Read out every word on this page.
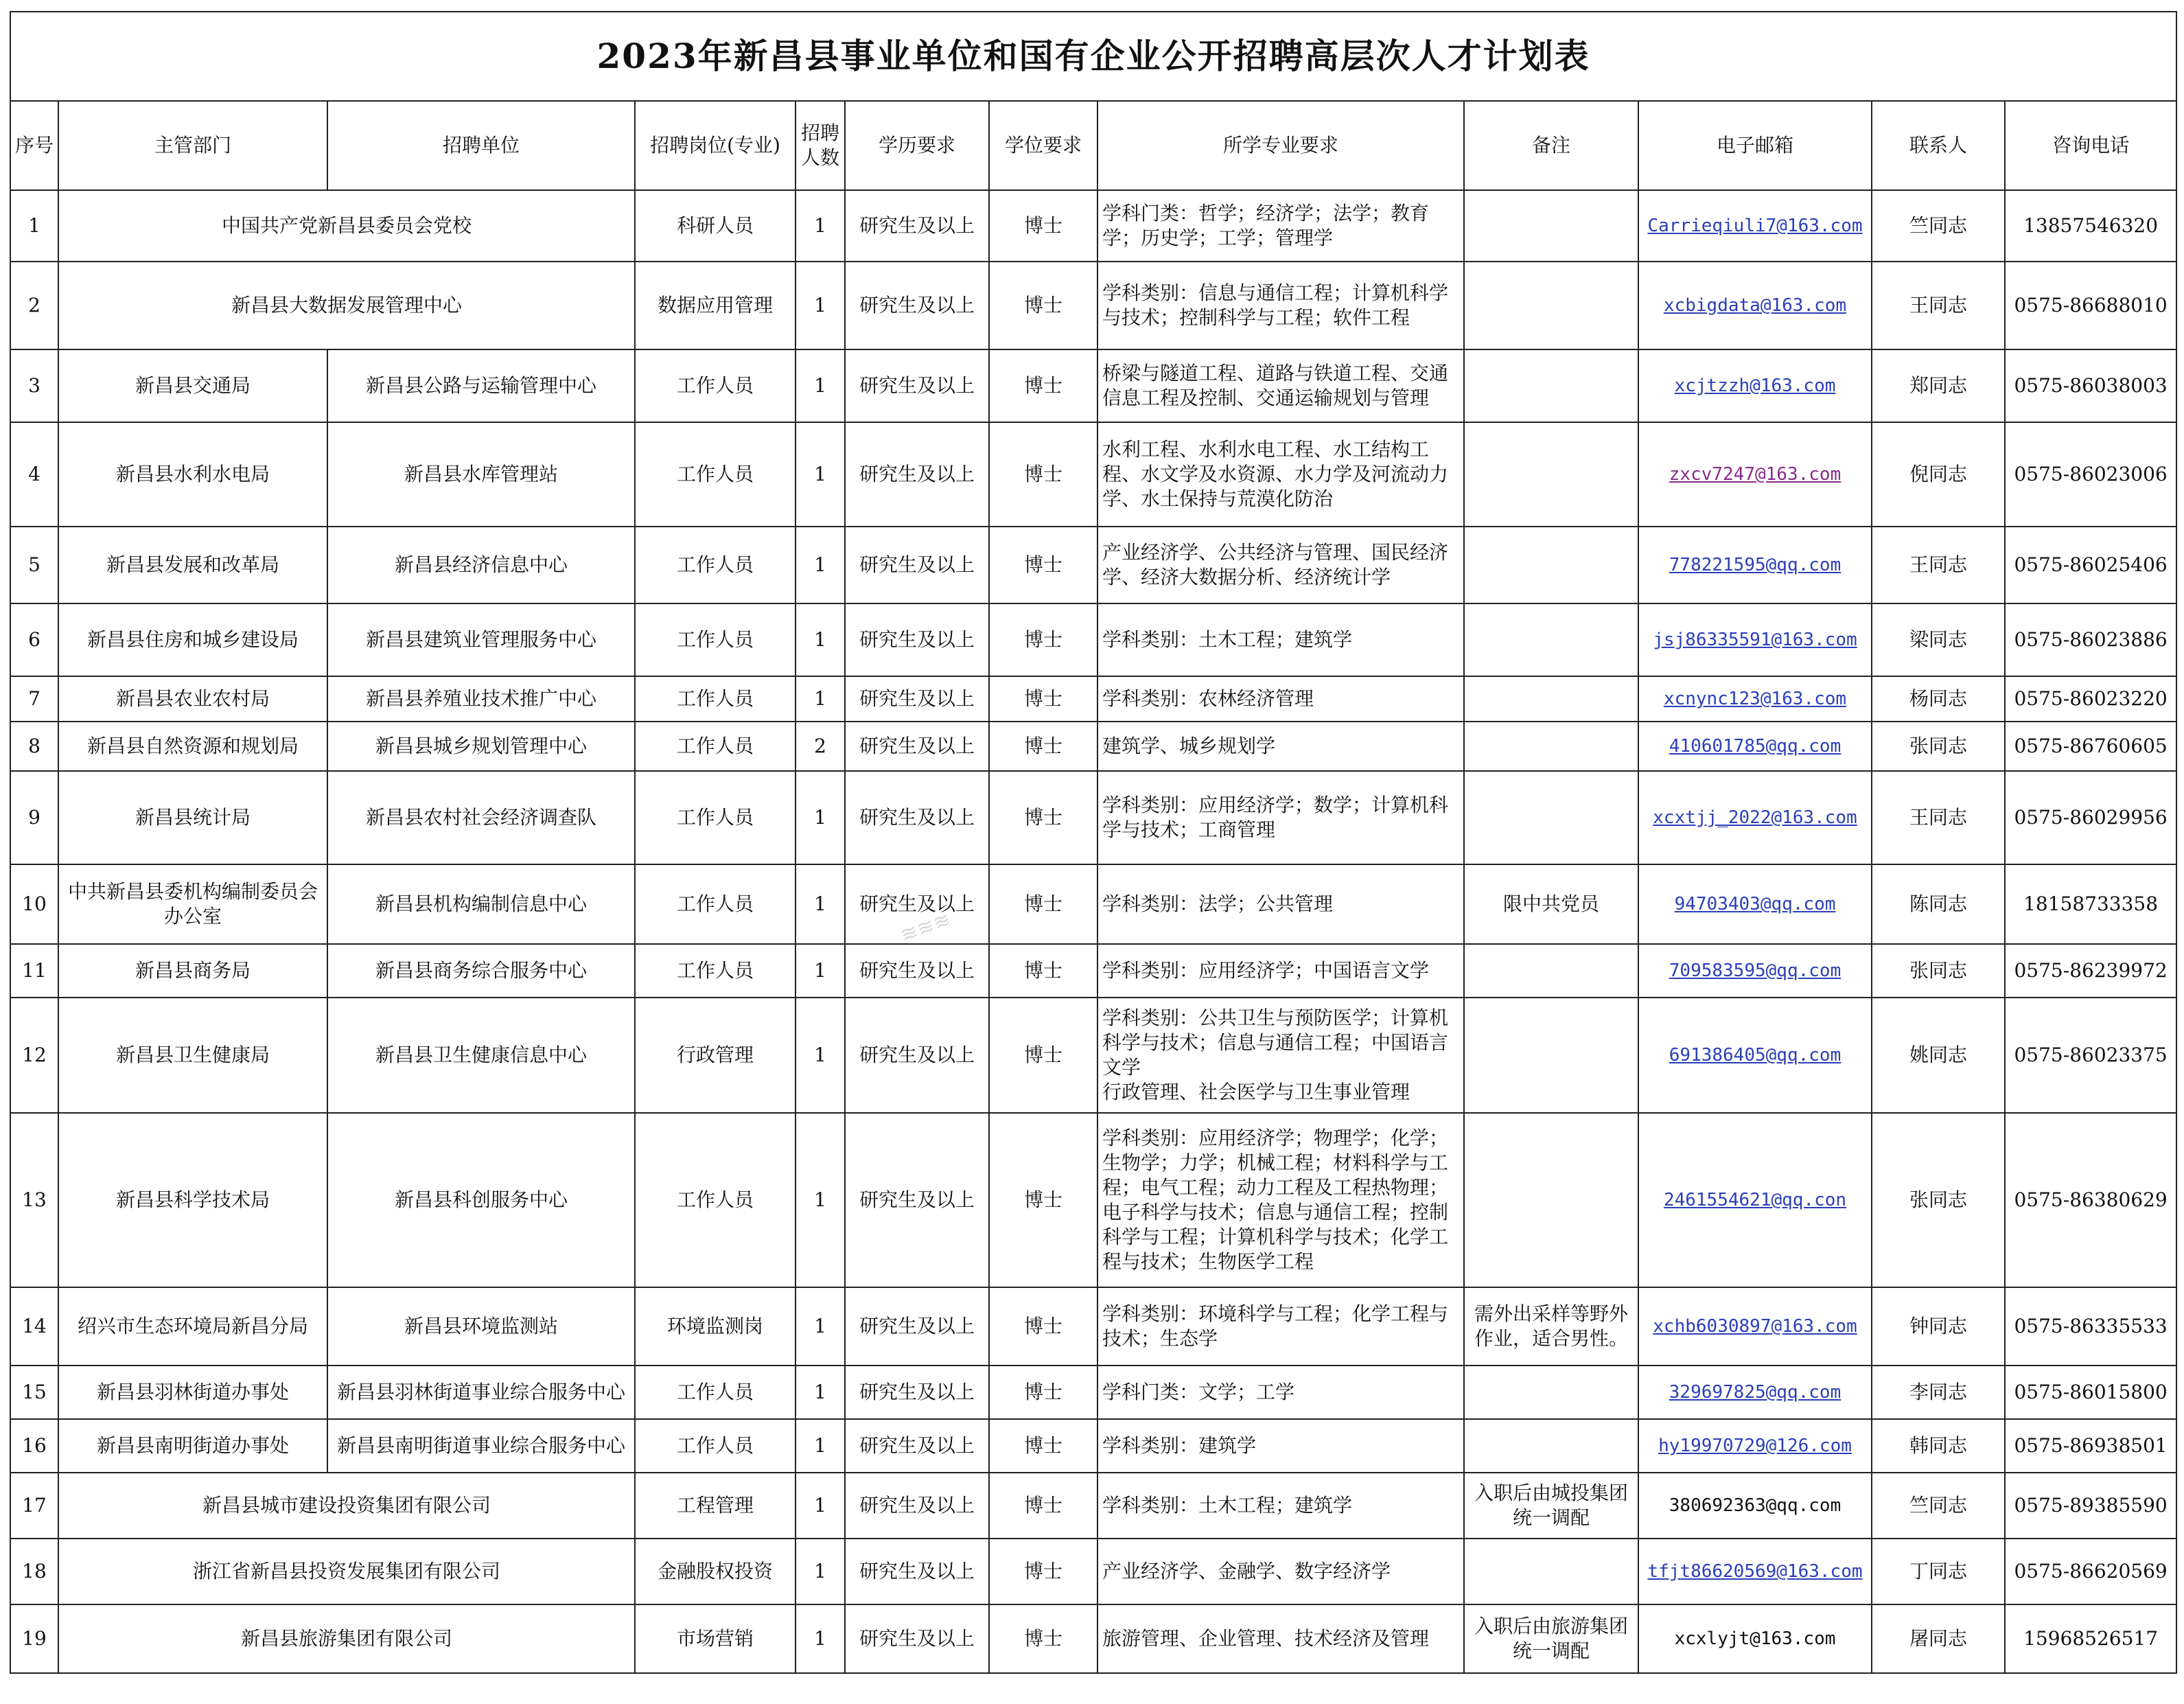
2023年新昌县事业单位和国有企业公开招聘高层次人才计划表											
序号	主管部门	招聘单位	招聘岗位(专业)	招聘人数	学历要求	学位要求	所学专业要求	备注	电子邮箱	联系人	咨询电话
1	中国共产党新昌县委员会党校		科研人员	1	研究生及以上	博士	学科门类：哲学；经济学；法学；教育学；历史学；工学；管理学		Carrieqiuli7@163.com	竺同志	13857546320
2	新昌县大数据发展管理中心		数据应用管理	1	研究生及以上	博士	学科类别：信息与通信工程；计算机科学与技术；控制科学与工程；软件工程		xcbigdata@163.com	王同志	0575-86688010
3	新昌县交通局	新昌县公路与运输管理中心	工作人员	1	研究生及以上	博士	桥梁与隧道工程、道路与铁道工程、交通信息工程及控制、交通运输规划与管理		xcjtzzh@163.com	郑同志	0575-86038003
4	新昌县水利水电局	新昌县水库管理站	工作人员	1	研究生及以上	博士	水利工程、水利水电工程、水工结构工程、水文学及水资源、水力学及河流动力学、水土保持与荒漠化防治		zxcv7247@163.com	倪同志	0575-86023006
5	新昌县发展和改革局	新昌县经济信息中心	工作人员	1	研究生及以上	博士	产业经济学、公共经济与管理、国民经济学、经济大数据分析、经济统计学		778221595@qq.com	王同志	0575-86025406
6	新昌县住房和城乡建设局	新昌县建筑业管理服务中心	工作人员	1	研究生及以上	博士	学科类别：土木工程；建筑学		jsj86335591@163.com	梁同志	0575-86023886
7	新昌县农业农村局	新昌县养殖业技术推广中心	工作人员	1	研究生及以上	博士	学科类别：农林经济管理		xcnync123@163.com	杨同志	0575-86023220
8	新昌县自然资源和规划局	新昌县城乡规划管理中心	工作人员	2	研究生及以上	博士	建筑学、城乡规划学		410601785@qq.com	张同志	0575-86760605
9	新昌县统计局	新昌县农村社会经济调查队	工作人员	1	研究生及以上	博士	学科类别：应用经济学；数学；计算机科学与技术；工商管理		xcxtjj_2022@163.com	王同志	0575-86029956
10	中共新昌县委机构编制委员会办公室	新昌县机构编制信息中心	工作人员	1	研究生及以上	博士	学科类别：法学；公共管理	限中共党员	94703403@qq.com	陈同志	18158733358
11	新昌县商务局	新昌县商务综合服务中心	工作人员	1	研究生及以上	博士	学科类别：应用经济学；中国语言文学		709583595@qq.com	张同志	0575-86239972
12	新昌县卫生健康局	新昌县卫生健康信息中心	行政管理	1	研究生及以上	博士	学科类别：公共卫生与预防医学；计算机科学与技术；信息与通信工程；中国语言文学
行政管理、社会医学与卫生事业管理		691386405@qq.com	姚同志	0575-86023375
13	新昌县科学技术局	新昌县科创服务中心	工作人员	1	研究生及以上	博士	学科类别：应用经济学；物理学；化学；生物学；力学；机械工程；材料科学与工程；电气工程；动力工程及工程热物理；电子科学与技术；信息与通信工程；控制科学与工程；计算机科学与技术；化学工程与技术；生物医学工程		2461554621@qq.con	张同志	0575-86380629
14	绍兴市生态环境局新昌分局	新昌县环境监测站	环境监测岗	1	研究生及以上	博士	学科类别：环境科学与工程；化学工程与技术；生态学	需外出采样等野外作业，适合男性。	xchb6030897@163.com	钟同志	0575-86335533
15	新昌县羽林街道办事处	新昌县羽林街道事业综合服务中心	工作人员	1	研究生及以上	博士	学科门类：文学；工学		329697825@qq.com	李同志	0575-86015800
16	新昌县南明街道办事处	新昌县南明街道事业综合服务中心	工作人员	1	研究生及以上	博士	学科类别：建筑学		hy19970729@126.com	韩同志	0575-86938501
17	新昌县城市建设投资集团有限公司		工程管理	1	研究生及以上	博士	学科类别：土木工程；建筑学	入职后由城投集团统一调配	380692363@qq.com	竺同志	0575-89385590
18	浙江省新昌县投资发展集团有限公司		金融股权投资	1	研究生及以上	博士	产业经济学、金融学、数字经济学		tfjt86620569@163.com	丁同志	0575-86620569
19	新昌县旅游集团有限公司		市场营销	1	研究生及以上	博士	旅游管理、企业管理、技术经济及管理	入职后由旅游集团统一调配	xcxlyjt@163.com	屠同志	15968526517
≋≋≋
